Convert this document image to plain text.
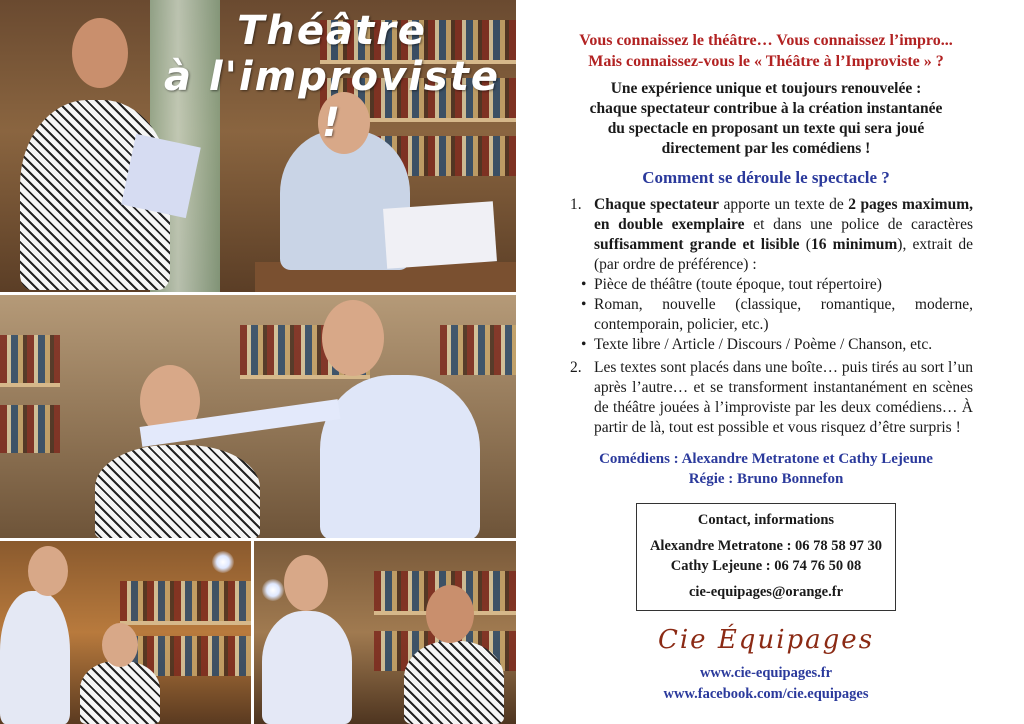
Théâtre
à l'improviste !
Vous connaissez le théâtre… Vous connaissez l’impro...
Mais connaissez-vous le « Théâtre à l’Improviste » ?
Une expérience unique et toujours renouvelée :
chaque spectateur contribue à la création instantanée
du spectacle en proposant un texte qui sera joué
directement par les comédiens !
Comment se déroule le spectacle ?
1. Chaque spectateur apporte un texte de 2 pages maximum, en double exemplaire et dans une police de caractères suffisamment grande et lisible (16 minimum), extrait de (par ordre de préférence) :
• Pièce de théâtre (toute époque, tout répertoire)
• Roman, nouvelle (classique, romantique, moderne, contemporain, policier, etc.)
• Texte libre / Article / Discours / Poème / Chanson, etc.
2. Les textes sont placés dans une boîte… puis tirés au sort l’un après l’autre… et se transforment instantanément en scènes de théâtre jouées à l’improviste par les deux comédiens… À partir de là, tout est possible et vous risquez d’être surpris !
Comédiens : Alexandre Metratone et Cathy Lejeune
Régie : Bruno Bonnefon
Contact, informations
Alexandre Metratone : 06 78 58 97 30
Cathy Lejeune : 06 74 76 50 08
cie-equipages@orange.fr
Cie Équipages
www.cie-equipages.fr
www.facebook.com/cie.equipages
